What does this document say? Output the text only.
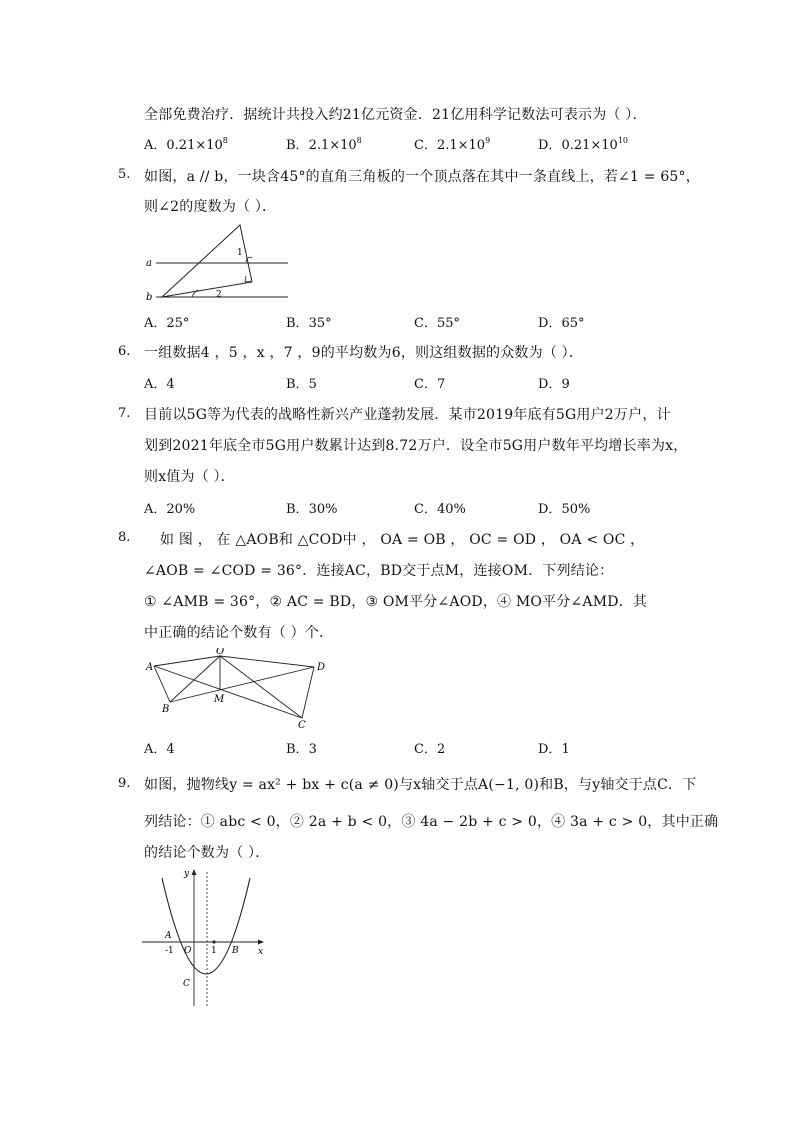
全部免费治疗．据统计共投入约21亿元资金．21亿用科学记数法可表示为（ ）．
A．$0.21\times 10^8$	B．$2.1\times 10^8$	C．$2.1\times 10^9$	D．$0.21\times 10^{10}$
5. 如图，a // b，一块含45°的直角三角板的一个顶点落在其中一条直线上，若∠1 = 65°，
则∠2的度数为（ ）．
a
b
1
2
A．25°	B．35°	C．55°	D．65°
6. 一组数据4 ，5 ，x ，7 ，9的平均数为6，则这组数据的众数为（ ）．
A．4	B．5	C．7	D．9
7. 目前以5G等为代表的战略性新兴产业蓬勃发展．某市2019年底有5G用户2万户，计
划到2021年底全市5G用户数累计达到8.72万户．设全市5G用户数年平均增长率为x，
则x值为（ ）．
A．20%	B．30%	C．40%	D．50%
8. 如 图 ， 在 △AOB和 △COD中 ， OA = OB ， OC = OD ， OA < OC ，
∠AOB = ∠COD = 36°．连接AC，BD交于点M，连接OM．下列结论：
① ∠AMB = 36°，② AC = BD，③ OM平分∠AOD，④ MO平分∠AMD．其
中正确的结论个数有（ ）个．
A
O
D
B
M
C
A．4	B．3	C．2	D．1
9. 如图，抛物线y = ax² + bx + c(a ≠ 0)与x轴交于点A(−1, 0)和B，与y轴交于点C．下
列结论：① abc < 0，② 2a + b < 0，③ 4a − 2b + c > 0，④ 3a + c > 0，其中正确
的结论个数为（ ）．
y
x
A
-1 O 1 B
C
